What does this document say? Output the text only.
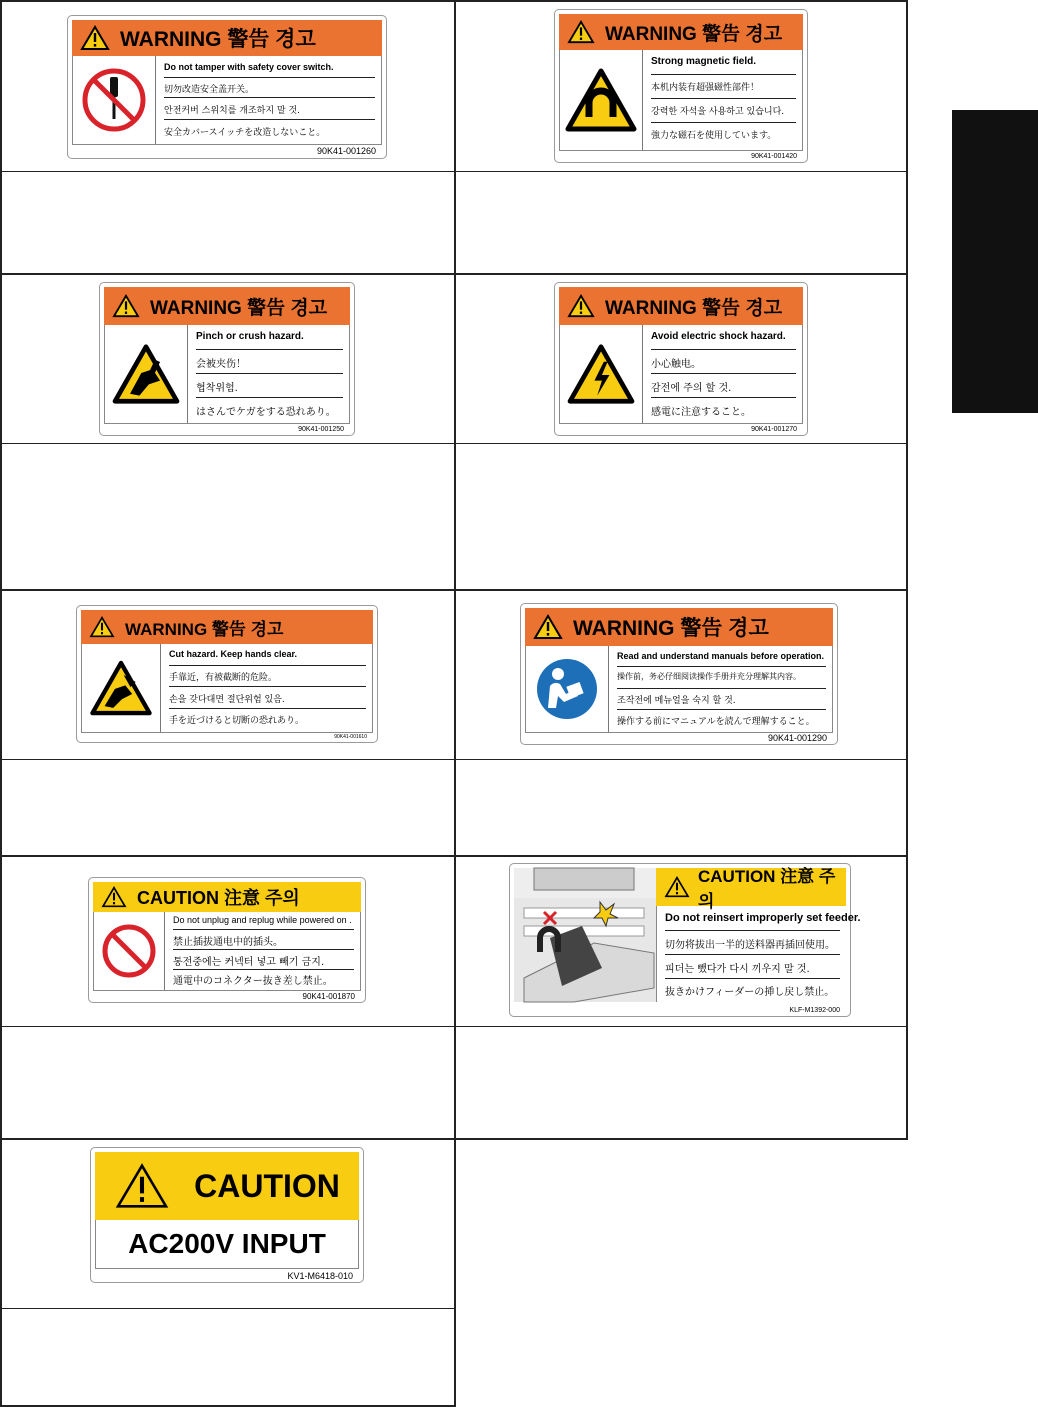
WARNING 警告 경고
Do not tamper with safety cover switch.
切勿改造安全盖开关。
안전커버 스위치를 개조하지 말 것.
安全カバースイッチを改造しないこと。
90K41-001260
WARNING 警告 경고
Strong magnetic field.
本机内装有超强磁性部件！
강력한 자석을 사용하고 있습니다.
強力な磁石を使用しています。
90K41-001420
WARNING 警告 경고
Pinch or crush hazard.
会被夹伤！
협착위험.
はさんでケガをする恐れあり。
90K41-001250
WARNING 警告 경고
Avoid electric shock hazard.
小心触电。
감전에 주의 할 것.
感電に注意すること。
90K41-001270
WARNING 警告 경고
Cut hazard. Keep hands clear.
手靠近，有被截断的危险。
손을 갖다대면 절단위험 있음.
手を近づけると切断の恐れあり。
90K41-001610
WARNING 警告 경고
Read and understand manuals before operation.
操作前，务必仔细阅读操作手册并充分理解其内容。
조작전에 메뉴얼을 숙지 할 것.
操作する前にマニュアルを読んで理解すること。
90K41-001290
CAUTION 注意 주의
Do not unplug and replug while powered on .
禁止插拔通电中的插头。
통전중에는 커넥터 넣고 빼기 금지.
通電中のコネクター抜き差し禁止。
90K41-001870
CAUTION 注意 주의
Do not reinsert improperly set feeder.
切勿将拔出一半的送料器再插回使用。
피더는 뺐다가 다시 끼우지 말 것.
抜きかけフィーダーの挿し戻し禁止。
KLF-M1392-000
CAUTION
AC200V INPUT
KV1-M6418-010
